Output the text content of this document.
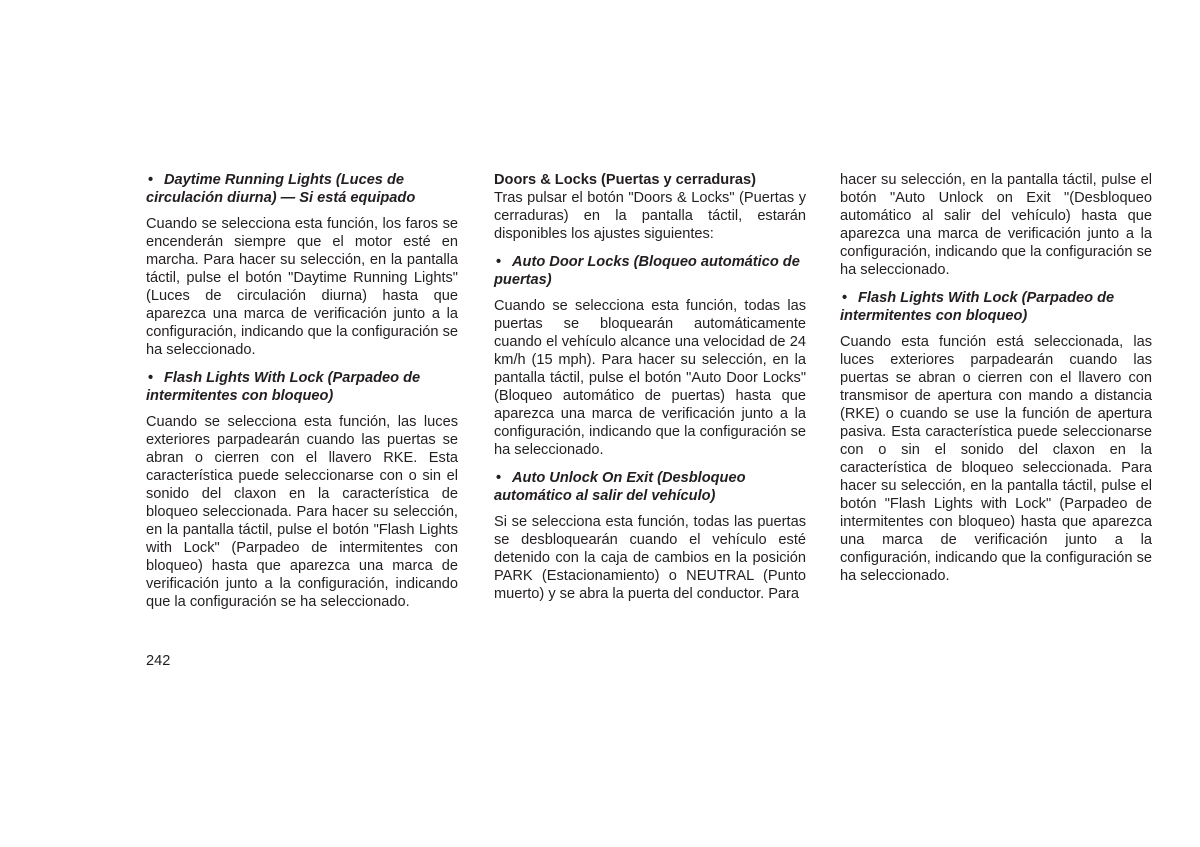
• Daytime Running Lights (Luces de circulación diurna) — Si está equipado

Cuando se selecciona esta función, los faros se encenderán siempre que el motor esté en marcha. Para hacer su selección, en la pantalla táctil, pulse el botón "Daytime Running Lights" (Luces de circulación diurna) hasta que aparezca una marca de verificación junto a la configuración, indicando que la configuración se ha seleccionado.

• Flash Lights With Lock (Parpadeo de intermitentes con bloqueo)

Cuando se selecciona esta función, las luces exteriores parpadearán cuando las puertas se abran o cierren con el llavero RKE. Esta característica puede seleccionarse con o sin el sonido del claxon en la característica de bloqueo seleccionada. Para hacer su selección, en la pantalla táctil, pulse el botón "Flash Lights with Lock" (Parpadeo de intermitentes con bloqueo) hasta que aparezca una marca de verificación junto a la configuración, indicando que la configuración se ha seleccionado.

Doors & Locks (Puertas y cerraduras)

Tras pulsar el botón "Doors & Locks" (Puertas y cerraduras) en la pantalla táctil, estarán disponibles los ajustes siguientes:

• Auto Door Locks (Bloqueo automático de puertas)

Cuando se selecciona esta función, todas las puertas se bloquearán automáticamente cuando el vehículo alcance una velocidad de 24 km/h (15 mph). Para hacer su selección, en la pantalla táctil, pulse el botón "Auto Door Locks" (Bloqueo automático de puertas) hasta que aparezca una marca de verificación junto a la configuración, indicando que la configuración se ha seleccionado.

• Auto Unlock On Exit (Desbloqueo automático al salir del vehículo)

Si se selecciona esta función, todas las puertas se desbloquearán cuando el vehículo esté detenido con la caja de cambios en la posición PARK (Estacionamiento) o NEUTRAL (Punto muerto) y se abra la puerta del conductor. Para

hacer su selección, en la pantalla táctil, pulse el botón "Auto Unlock on Exit "(Desbloqueo automático al salir del vehículo) hasta que aparezca una marca de verificación junto a la configuración, indicando que la configuración se ha seleccionado.

• Flash Lights With Lock (Parpadeo de intermitentes con bloqueo)

Cuando esta función está seleccionada, las luces exteriores parpadearán cuando las puertas se abran o cierren con el llavero con transmisor de apertura con mando a distancia (RKE) o cuando se use la función de apertura pasiva. Esta característica puede seleccionarse con o sin el sonido del claxon en la característica de bloqueo seleccionada. Para hacer su selección, en la pantalla táctil, pulse el botón "Flash Lights with Lock" (Parpadeo de intermitentes con bloqueo) hasta que aparezca una marca de verificación junto a la configuración, indicando que la configuración se ha seleccionado.

242
